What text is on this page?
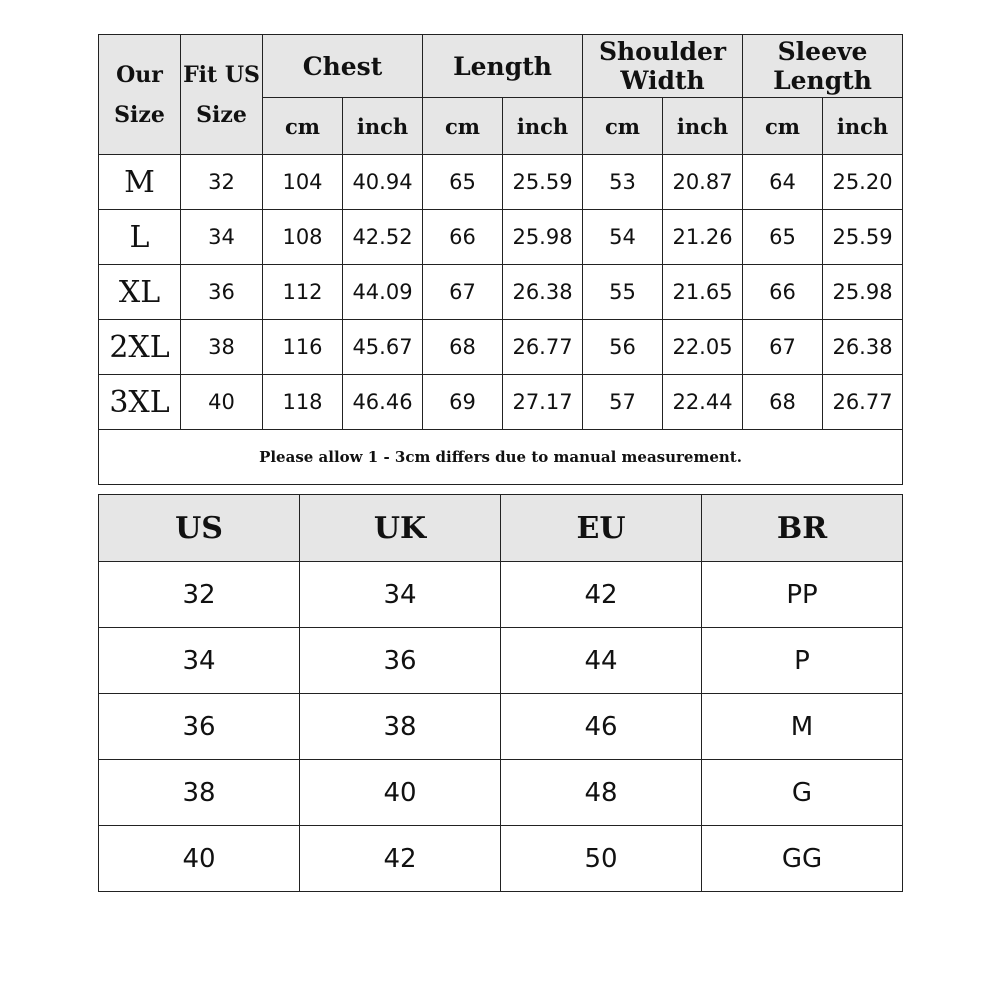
Our Size	Fit US Size	Chest		Length		Shoulder Width		Sleeve Length	
		cm	inch	cm	inch	cm	inch	cm	inch
M	32	104	40.94	65	25.59	53	20.87	64	25.20
L	34	108	42.52	66	25.98	54	21.26	65	25.59
XL	36	112	44.09	67	26.38	55	21.65	66	25.98
2XL	38	116	45.67	68	26.77	56	22.05	67	26.38
3XL	40	118	46.46	69	27.17	57	22.44	68	26.77
Please allow 1 - 3cm differs due to manual measurement.									
US	UK	EU	BR
32	34	42	PP
34	36	44	P
36	38	46	M
38	40	48	G
40	42	50	GG
